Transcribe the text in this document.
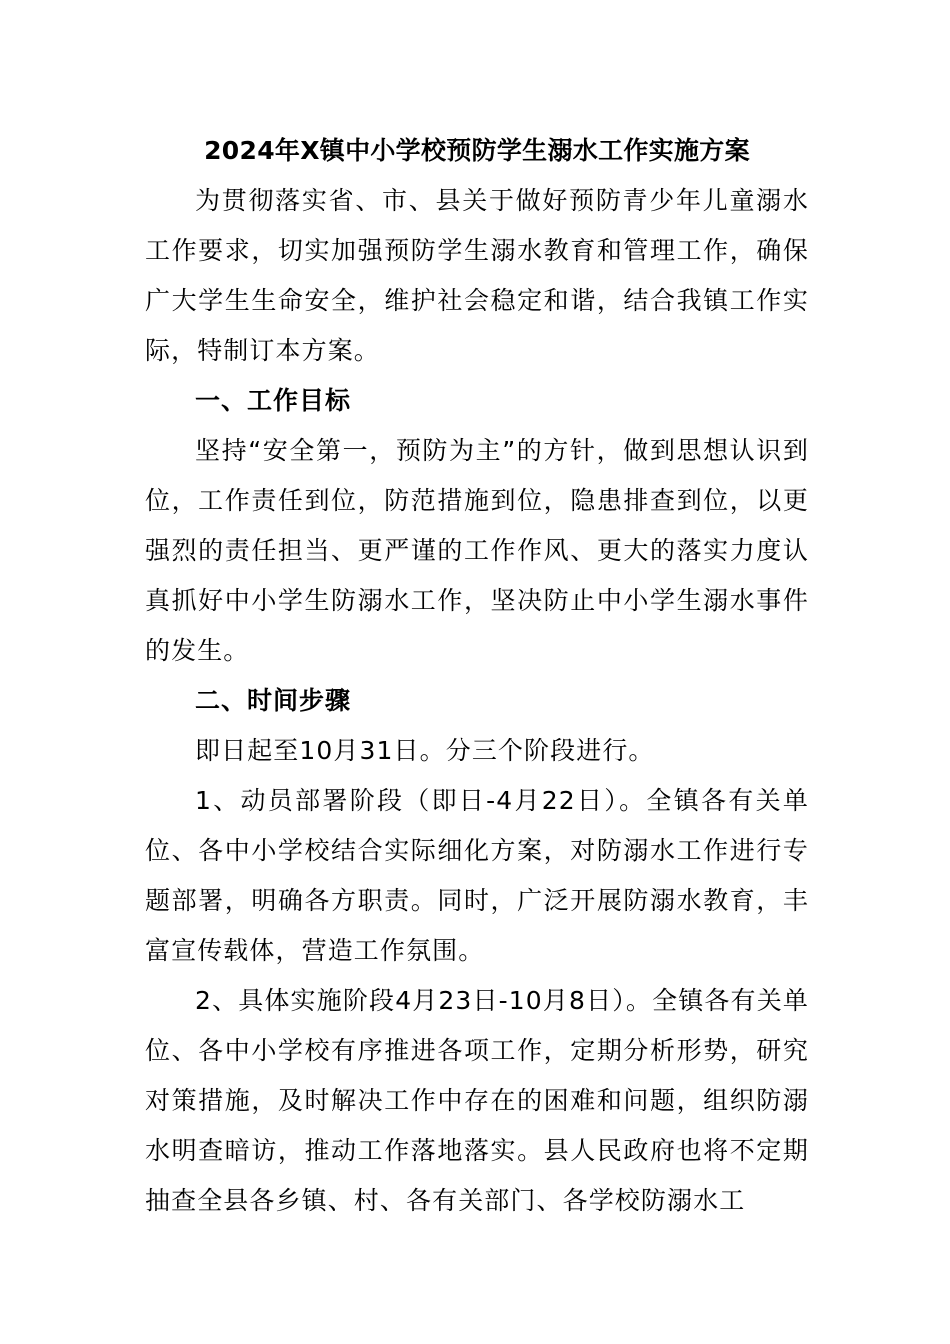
2024年X镇中小学校预防学生溺水工作实施方案

为贯彻落实省、市、县关于做好预防青少年儿童溺水工作要求，切实加强预防学生溺水教育和管理工作，确保广大学生生命安全，维护社会稳定和谐，结合我镇工作实际，特制订本方案。

一、工作目标

坚持“安全第一，预防为主”的方针，做到思想认识到位，工作责任到位，防范措施到位，隐患排查到位，以更强烈的责任担当、更严谨的工作作风、更大的落实力度认真抓好中小学生防溺水工作，坚决防止中小学生溺水事件的发生。

二、时间步骤

即日起至10月31日。分三个阶段进行。

1、动员部署阶段（即日-4月22日）。全镇各有关单位、各中小学校结合实际细化方案，对防溺水工作进行专题部署，明确各方职责。同时，广泛开展防溺水教育，丰富宣传载体，营造工作氛围。

2、具体实施阶段4月23日-10月8日）。全镇各有关单位、各中小学校有序推进各项工作，定期分析形势，研究对策措施，及时解决工作中存在的困难和问题，组织防溺水明查暗访，推动工作落地落实。县人民政府也将不定期抽查全县各乡镇、村、各有关部门、各学校防溺水工
